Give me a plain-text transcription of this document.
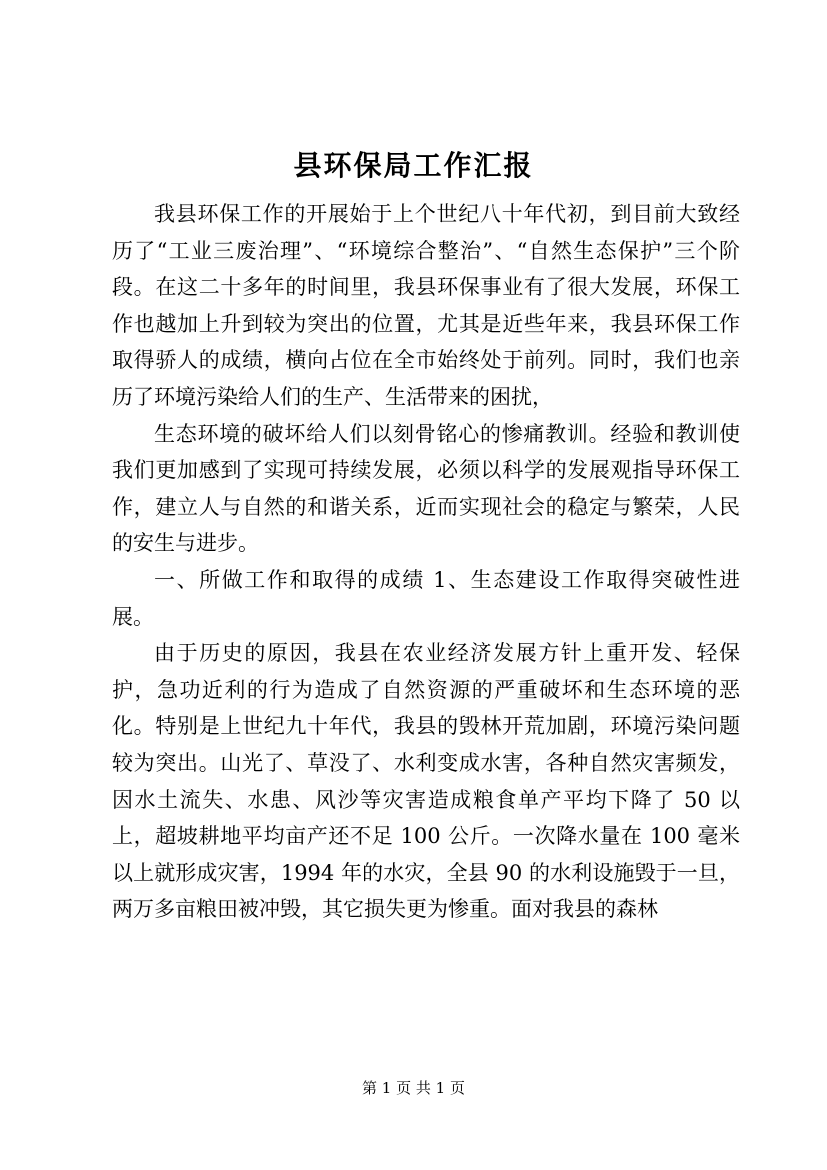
县环保局工作汇报

我县环保工作的开展始于上个世纪八十年代初，到目前大致经历了“工业三废治理”、“环境综合整治”、“自然生态保护”三个阶段。在这二十多年的时间里，我县环保事业有了很大发展，环保工作也越加上升到较为突出的位置，尤其是近些年来，我县环保工作取得骄人的成绩，横向占位在全市始终处于前列。同时，我们也亲历了环境污染给人们的生产、生活带来的困扰，

生态环境的破坏给人们以刻骨铭心的惨痛教训。经验和教训使我们更加感到了实现可持续发展，必须以科学的发展观指导环保工作，建立人与自然的和谐关系，近而实现社会的稳定与繁荣，人民的安生与进步。

一、所做工作和取得的成绩 1、生态建设工作取得突破性进展。

由于历史的原因，我县在农业经济发展方针上重开发、轻保护，急功近利的行为造成了自然资源的严重破坏和生态环境的恶化。特别是上世纪九十年代，我县的毁林开荒加剧，环境污染问题较为突出。山光了、草没了、水利变成水害，各种自然灾害频发，因水土流失、水患、风沙等灾害造成粮食单产平均下降了 50 以上，超坡耕地平均亩产还不足 100 公斤。一次降水量在 100 毫米以上就形成灾害，1994 年的水灾，全县 90 的水利设施毁于一旦，两万多亩粮田被冲毁，其它损失更为惨重。面对我县的森林

第 1 页 共 1 页
